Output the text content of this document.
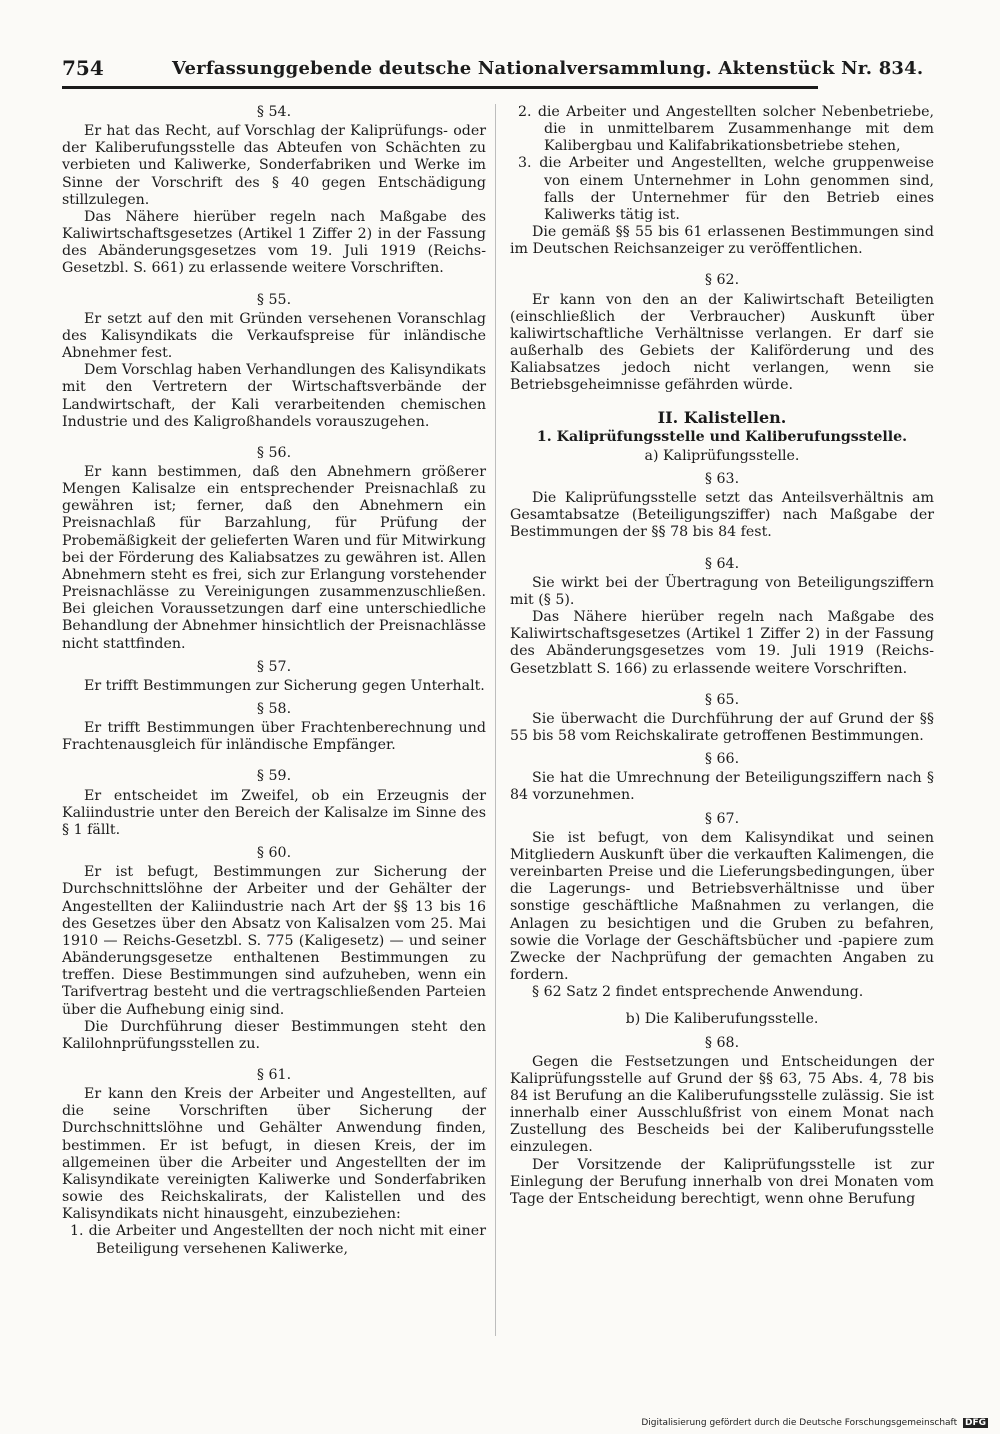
754	Verfassunggebende deutsche Nationalversammlung. Aktenstück Nr. 834.
§ 54.

Er hat das Recht, auf Vorschlag der Kaliprüfungs- oder der Kaliberufungsstelle das Abteufen von Schächten zu verbieten und Kaliwerke, Sonderfabriken und Werke im Sinne der Vorschrift des § 40 gegen Entschädigung stillzulegen.

Das Nähere hierüber regeln nach Maßgabe des Kaliwirtschaftsgesetzes (Artikel 1 Ziffer 2) in der Fassung des Abänderungsgesetzes vom 19. Juli 1919 (Reichs-Gesetzbl. S. 661) zu erlassende weitere Vorschriften.

§ 55.

Er setzt auf den mit Gründen versehenen Voranschlag des Kalisyndikats die Verkaufspreise für inländische Abnehmer fest.

Dem Vorschlag haben Verhandlungen des Kalisyndikats mit den Vertretern der Wirtschaftsverbände der Landwirtschaft, der Kali verarbeitenden chemischen Industrie und des Kaligroßhandels vorauszugehen.

§ 56.

Er kann bestimmen, daß den Abnehmern größerer Mengen Kalisalze ein entsprechender Preisnachlaß zu gewähren ist; ferner, daß den Abnehmern ein Preisnachlaß für Barzahlung, für Prüfung der Probemäßigkeit der gelieferten Waren und für Mitwirkung bei der Förderung des Kaliabsatzes zu gewähren ist. Allen Abnehmern steht es frei, sich zur Erlangung vorstehender Preisnachlässe zu Vereinigungen zusammenzuschließen. Bei gleichen Voraussetzungen darf eine unterschiedliche Behandlung der Abnehmer hinsichtlich der Preisnachlässe nicht stattfinden.

§ 57.

Er trifft Bestimmungen zur Sicherung gegen Unterhalt.

§ 58.

Er trifft Bestimmungen über Frachtenberechnung und Frachtenausgleich für inländische Empfänger.

§ 59.

Er entscheidet im Zweifel, ob ein Erzeugnis der Kaliindustrie unter den Bereich der Kalisalze im Sinne des § 1 fällt.

§ 60.

Er ist befugt, Bestimmungen zur Sicherung der Durchschnittslöhne der Arbeiter und der Gehälter der Angestellten der Kaliindustrie nach Art der §§ 13 bis 16 des Gesetzes über den Absatz von Kalisalzen vom 25. Mai 1910 — Reichs-Gesetzbl. S. 775 (Kaligesetz) — und seiner Abänderungsgesetze enthaltenen Bestimmungen zu treffen. Diese Bestimmungen sind aufzuheben, wenn ein Tarifvertrag besteht und die vertragschließenden Parteien über die Aufhebung einig sind.

Die Durchführung dieser Bestimmungen steht den Kalilohnprüfungsstellen zu.

§ 61.

Er kann den Kreis der Arbeiter und Angestellten, auf die seine Vorschriften über Sicherung der Durchschnittslöhne und Gehälter Anwendung finden, bestimmen. Er ist befugt, in diesen Kreis, der im allgemeinen über die Arbeiter und Angestellten der im Kalisyndikate vereinigten Kaliwerke und Sonderfabriken sowie des Reichskalirats, der Kalistellen und des Kalisyndikats nicht hinausgeht, einzubeziehen:

1. die Arbeiter und Angestellten der noch nicht mit einer Beteiligung versehenen Kaliwerke,

2. die Arbeiter und Angestellten solcher Nebenbetriebe, die in unmittelbarem Zusammenhange mit dem Kalibergbau und Kalifabrikationsbetriebe stehen,

3. die Arbeiter und Angestellten, welche gruppenweise von einem Unternehmer in Lohn genommen sind, falls der Unternehmer für den Betrieb eines Kaliwerks tätig ist.

Die gemäß §§ 55 bis 61 erlassenen Bestimmungen sind im Deutschen Reichsanzeiger zu veröffentlichen.

§ 62.

Er kann von den an der Kaliwirtschaft Beteiligten (einschließlich der Verbraucher) Auskunft über kaliwirtschaftliche Verhältnisse verlangen. Er darf sie außerhalb des Gebiets der Kaliförderung und des Kaliabsatzes jedoch nicht verlangen, wenn sie Betriebsgeheimnisse gefährden würde.

II. Kalistellen.
1. Kaliprüfungsstelle und Kaliberufungsstelle.
a) Kaliprüfungsstelle.
§ 63.

Die Kaliprüfungsstelle setzt das Anteilsverhältnis am Gesamtabsatze (Beteiligungsziffer) nach Maßgabe der Bestimmungen der §§ 78 bis 84 fest.

§ 64.

Sie wirkt bei der Übertragung von Beteiligungsziffern mit (§ 5).

Das Nähere hierüber regeln nach Maßgabe des Kaliwirtschaftsgesetzes (Artikel 1 Ziffer 2) in der Fassung des Abänderungsgesetzes vom 19. Juli 1919 (Reichs-Gesetzblatt S. 166) zu erlassende weitere Vorschriften.

§ 65.

Sie überwacht die Durchführung der auf Grund der §§ 55 bis 58 vom Reichskalirate getroffenen Bestimmungen.

§ 66.

Sie hat die Umrechnung der Beteiligungsziffern nach § 84 vorzunehmen.

§ 67.

Sie ist befugt, von dem Kalisyndikat und seinen Mitgliedern Auskunft über die verkauften Kalimengen, die vereinbarten Preise und die Lieferungsbedingungen, über die Lagerungs- und Betriebsverhältnisse und über sonstige geschäftliche Maßnahmen zu verlangen, die Anlagen zu besichtigen und die Gruben zu befahren, sowie die Vorlage der Geschäftsbücher und -papiere zum Zwecke der Nachprüfung der gemachten Angaben zu fordern.

§ 62 Satz 2 findet entsprechende Anwendung.

b) Die Kaliberufungsstelle.
§ 68.

Gegen die Festsetzungen und Entscheidungen der Kaliprüfungsstelle auf Grund der §§ 63, 75 Abs. 4, 78 bis 84 ist Berufung an die Kaliberufungsstelle zulässig. Sie ist innerhalb einer Ausschlußfrist von einem Monat nach Zustellung des Bescheids bei der Kaliberufungsstelle einzulegen.

Der Vorsitzende der Kaliprüfungsstelle ist zur Einlegung der Berufung innerhalb von drei Monaten vom Tage der Entscheidung berechtigt, wenn ohne Berufung

Digitalisierung gefördert durch die Deutsche Forschungsgemeinschaft DFG
